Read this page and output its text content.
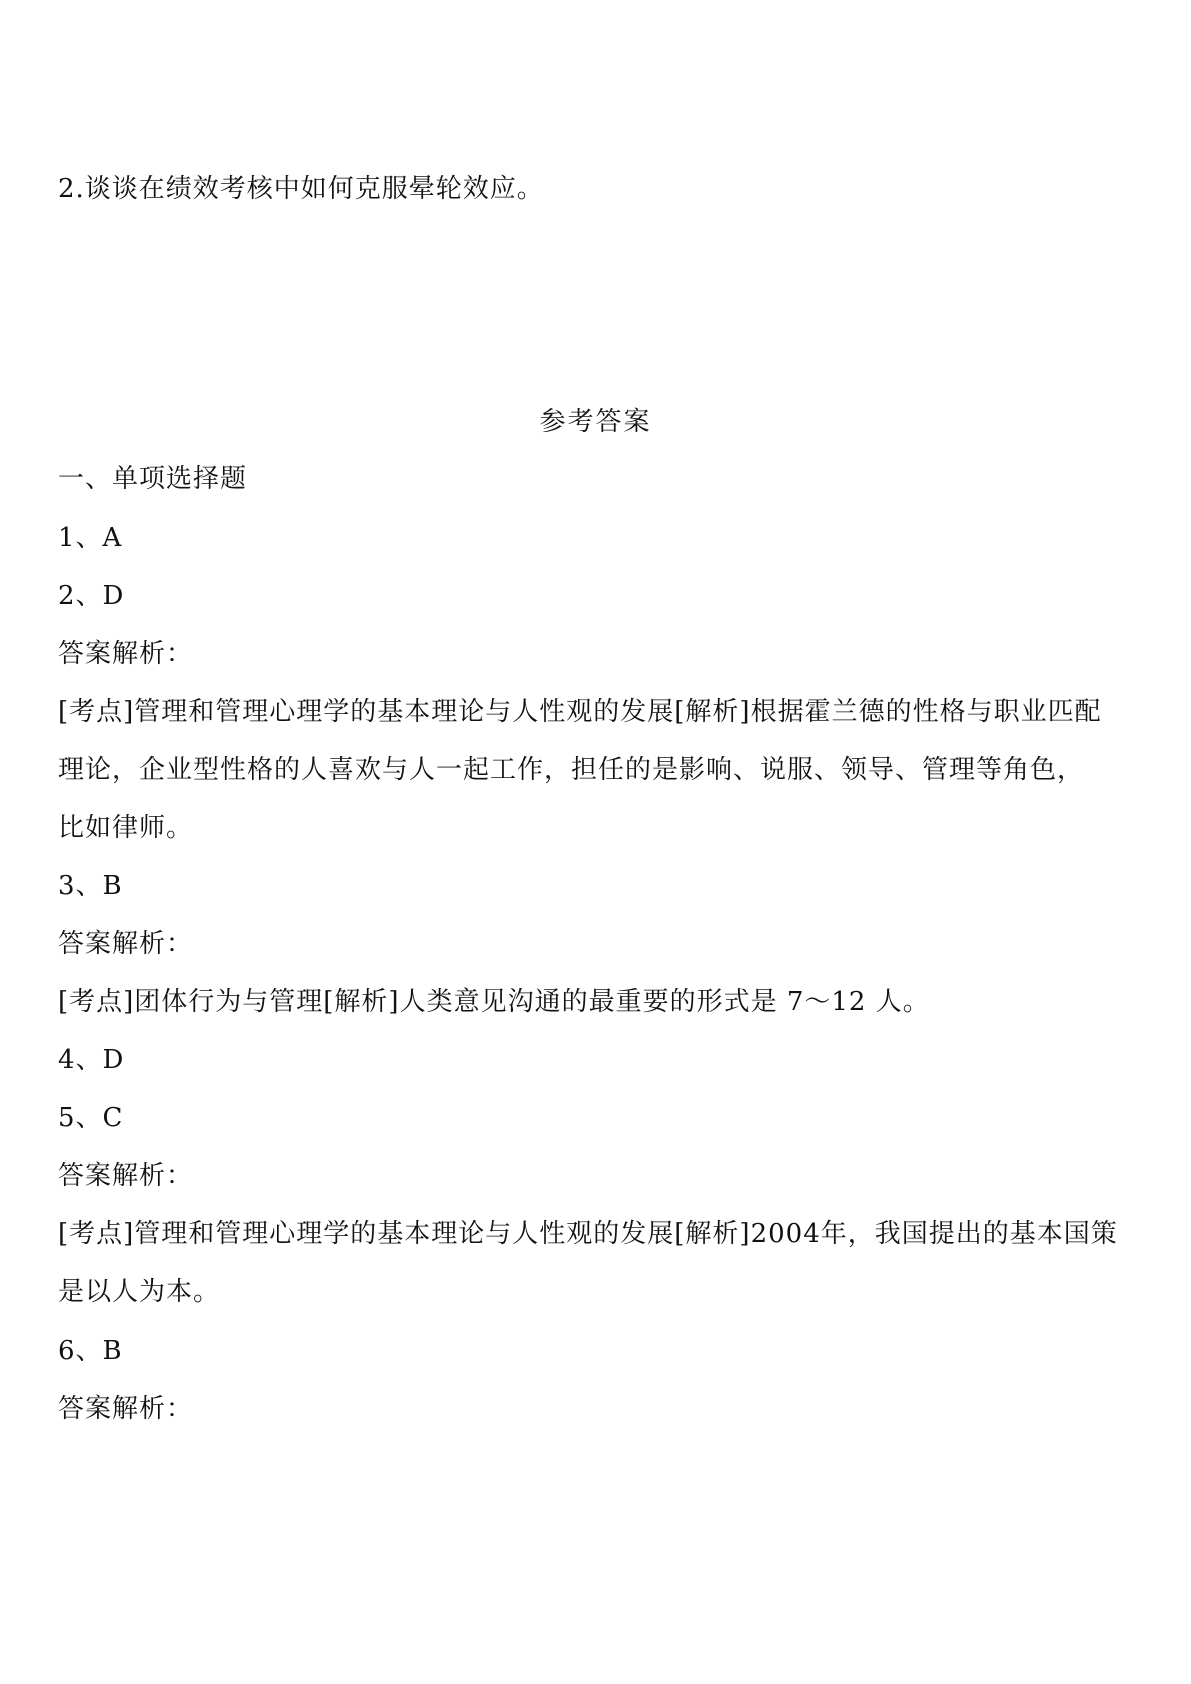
2.谈谈在绩效考核中如何克服晕轮效应。
参考答案
一、单项选择题
1、A
2、D
答案解析：
[考点]管理和管理心理学的基本理论与人性观的发展[解析]根据霍兰德的性格与职业匹配
理论，企业型性格的人喜欢与人一起工作，担任的是影响、说服、领导、管理等角色，
比如律师。
3、B
答案解析：
[考点]团体行为与管理[解析]人类意见沟通的最重要的形式是 7～12 人。
4、D
5、C
答案解析：
[考点]管理和管理心理学的基本理论与人性观的发展[解析]2004年，我国提出的基本国策
是以人为本。
6、B
答案解析：
